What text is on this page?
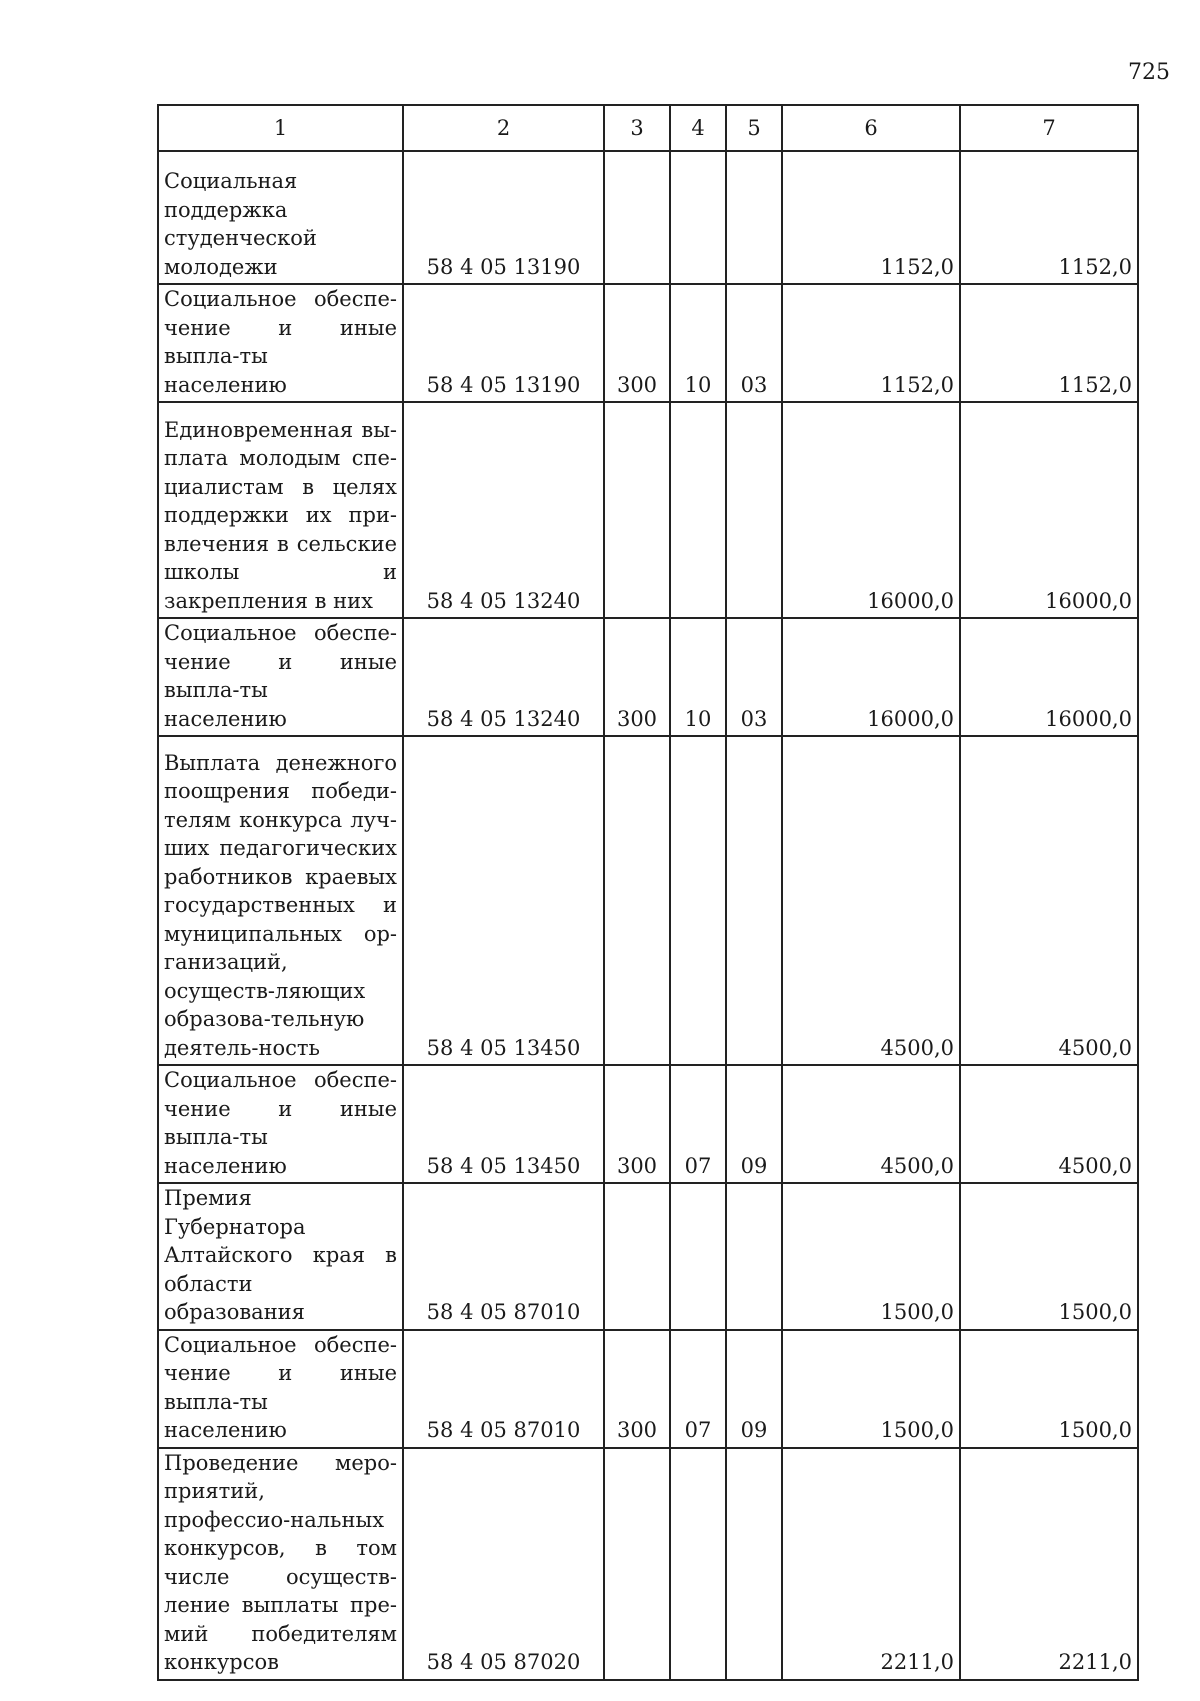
725
1	2	3	4	5	6	7
Социальная поддержка студенческой молодежи	58 4 05 13190				1152,0	1152,0
Социальное обеспе-чение и иные выпла-ты населению	58 4 05 13190	300	10	03	1152,0	1152,0
Единовременная вы-плата молодым спе-циалистам в целях поддержки их при-влечения в сельские школы и закрепления в них	58 4 05 13240				16000,0	16000,0
Социальное обеспе-чение и иные выпла-ты населению	58 4 05 13240	300	10	03	16000,0	16000,0
Выплата денежного поощрения победи-телям конкурса луч-ших педагогических работников краевых государственных и муниципальных ор-ганизаций, осуществ-ляющих образова-тельную деятель-ность	58 4 05 13450				4500,0	4500,0
Социальное обеспе-чение и иные выпла-ты населению	58 4 05 13450	300	07	09	4500,0	4500,0
Премия Губернатора Алтайского края в области образования	58 4 05 87010				1500,0	1500,0
Социальное обеспе-чение и иные выпла-ты населению	58 4 05 87010	300	07	09	1500,0	1500,0
Проведение меро-приятий, профессио-нальных конкурсов, в том числе осуществ-ление выплаты пре-мий победителям конкурсов	58 4 05 87020				2211,0	2211,0
